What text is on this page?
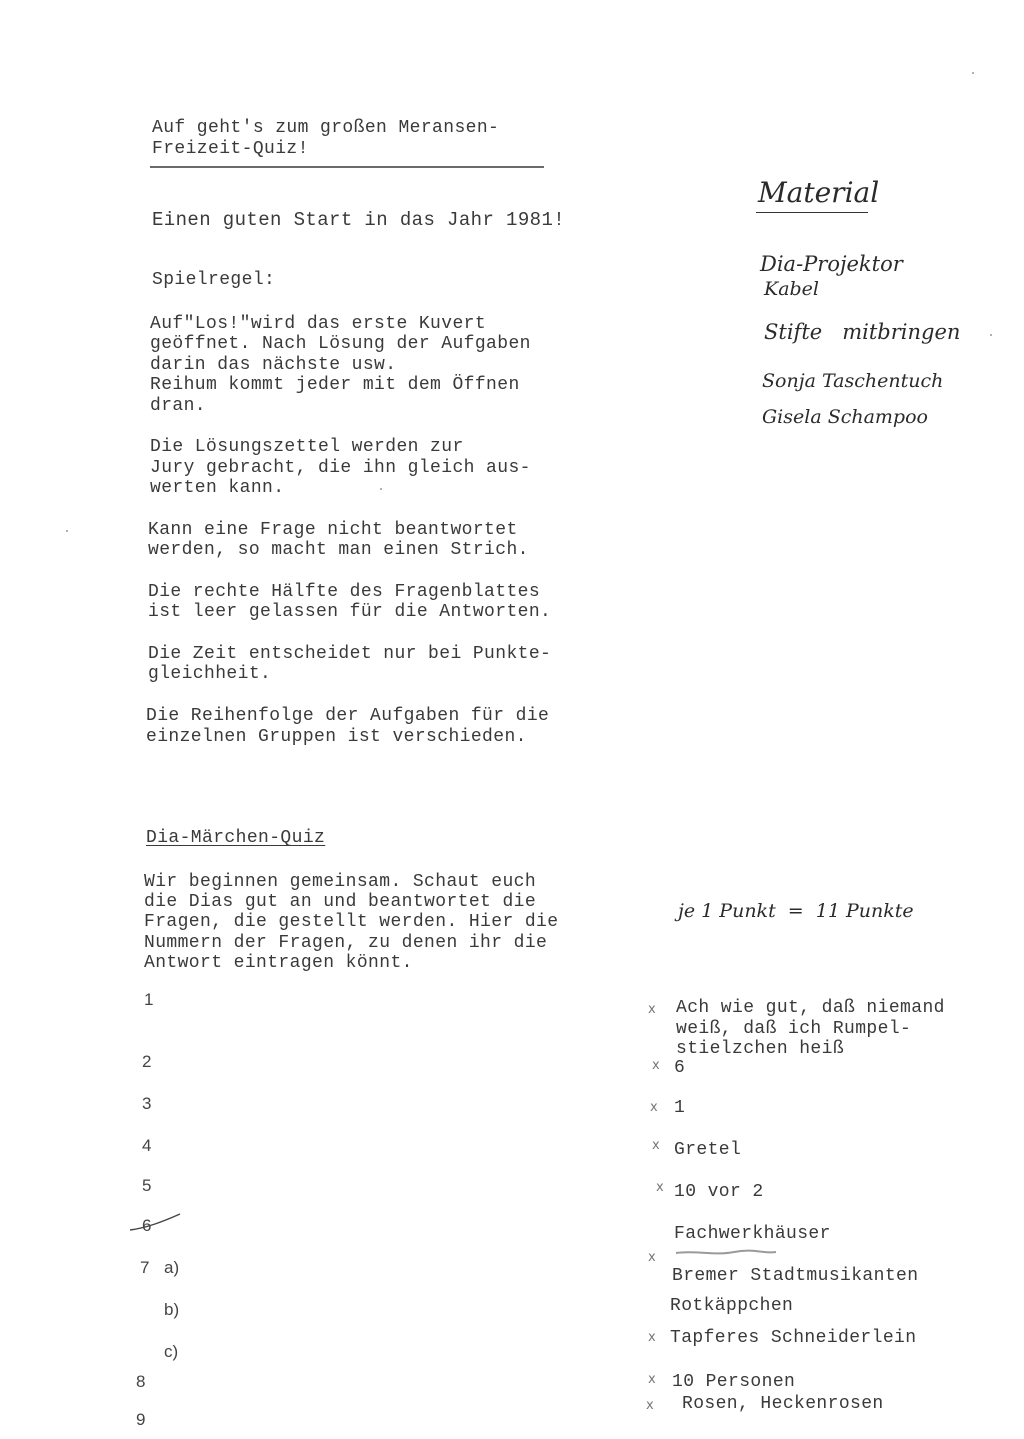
Auf geht's zum großen Meransen-
Freizeit-Quiz!
Einen guten Start in das Jahr 1981!
Spielregel:
Auf"Los!"wird das erste Kuvert
geöffnet. Nach Lösung der Aufgaben
darin das nächste usw.
Reihum kommt jeder mit dem Öffnen
dran.
Die Lösungszettel werden zur
Jury gebracht, die ihn gleich aus-
werten kann.
Kann eine Frage nicht beantwortet
werden, so macht man einen Strich.
Die rechte Hälfte des Fragenblattes
ist leer gelassen für die Antworten.
Die Zeit entscheidet nur bei Punkte-
gleichheit.
Die Reihenfolge der Aufgaben für die
einzelnen Gruppen ist verschieden.
Material
Dia-Projektor
Kabel
Stifte   mitbringen
Sonja Taschentuch
Gisela Schampoo
Dia-Märchen-Quiz
Wir beginnen gemeinsam. Schaut euch
die Dias gut an und beantwortet die
Fragen, die gestellt werden. Hier die
Nummern der Fragen, zu denen ihr die
Antwort eintragen könnt.
je 1 Punkt  =  11 Punkte
1
2
3
4
5
6
7 a)
b)
c)
8
9
Ach wie gut, daß niemand
weiß, daß ich Rumpel-
stielzchen heiß
6
1
Gretel
10 vor 2
Fachwerkhäuser
Bremer Stadtmusikanten
Rotkäppchen
Tapferes Schneiderlein
10 Personen
Rosen, Heckenrosen
x
x
x
x
x
x
x
x
x
